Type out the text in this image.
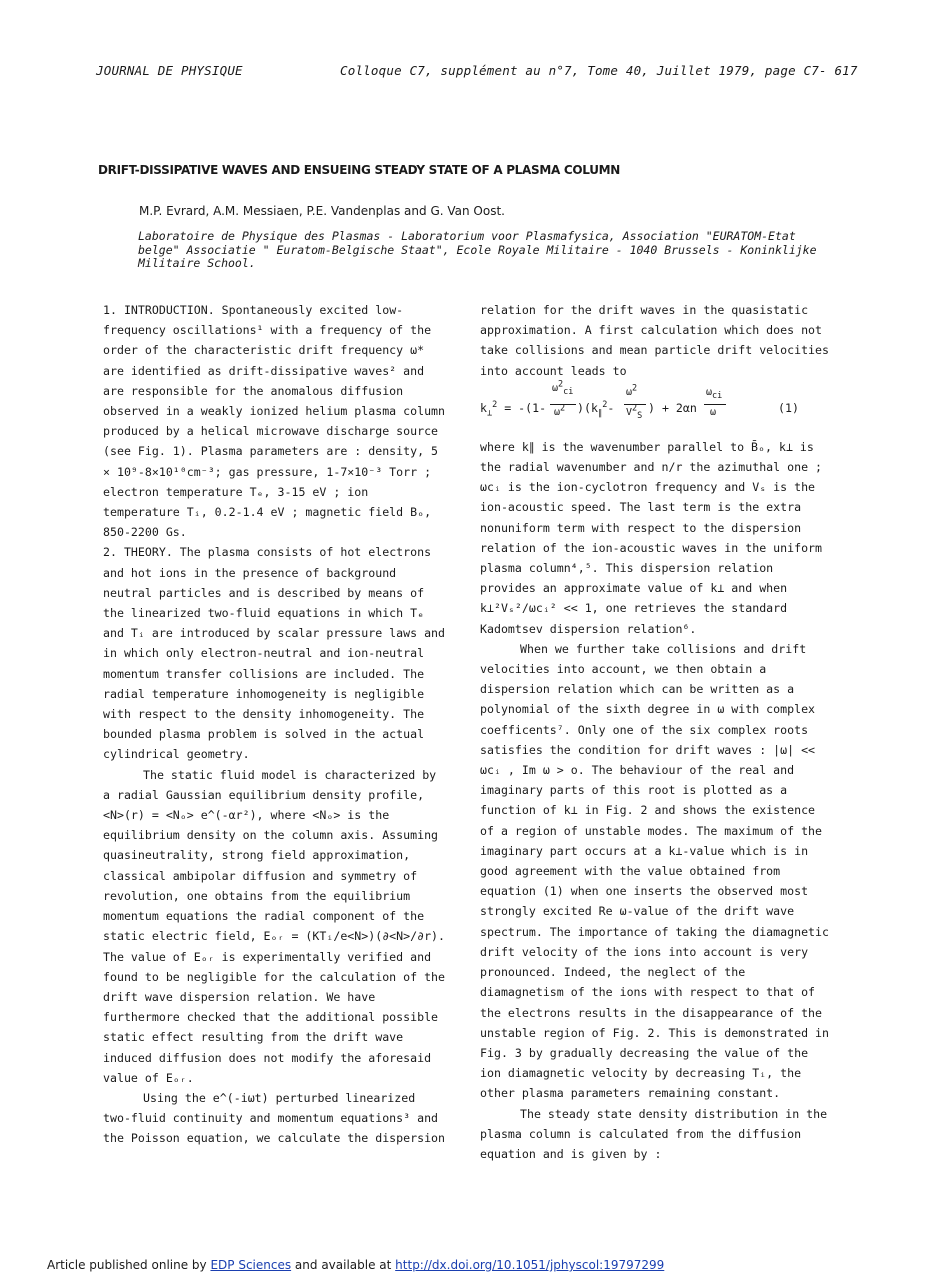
JOURNAL DE PHYSIQUE	Colloque C7, supplément au n°7, Tome 40, Juillet 1979, page C7- 617
DRIFT-DISSIPATIVE WAVES AND ENSUEING STEADY STATE OF A PLASMA COLUMN
M.P. Evrard, A.M. Messiaen, P.E. Vandenplas and G. Van Oost.
Laboratoire de Physique des Plasmas - Laboratorium voor Plasmafysica, Association "EURATOM-Etat belge" Associatie " Euratom-Belgische Staat", Ecole Royale Militaire - 1040 Brussels - Koninklijke Militaire School.

1. INTRODUCTION. Spontaneously excited low-frequency oscillations¹ with a frequency of the order of the characteristic drift frequency ω* are identified as drift-dissipative waves² and are responsible for the anomalous diffusion observed in a weakly ionized helium plasma column produced by a helical microwave discharge source (see Fig. 1). Plasma parameters are : density, 5 × 10⁹-8×10¹⁰cm⁻³; gas pressure, 1-7×10⁻³ Torr ; electron temperature Tₑ, 3-15 eV ; ion temperature Tᵢ, 0.2-1.4 eV ; magnetic field Bₒ, 850-2200 Gs.

2. THEORY. The plasma consists of hot electrons and hot ions in the presence of background neutral particles and is described by means of the linearized two-fluid equations in which Tₑ and Tᵢ are introduced by scalar pressure laws and in which only electron-neutral and ion-neutral momentum transfer collisions are included. The radial temperature inhomogeneity is negligible with respect to the density inhomogeneity. The bounded plasma problem is solved in the actual cylindrical geometry.

The static fluid model is characterized by a radial Gaussian equilibrium density profile, <N>(r) = <Nₒ> e^(-αr²), where <Nₒ> is the equilibrium density on the column axis. Assuming quasineutrality, strong field approximation, classical ambipolar diffusion and symmetry of revolution, one obtains from the equilibrium momentum equations the radial component of the static electric field, Eₒᵣ = (KTᵢ/e<N>)(∂<N>/∂r). The value of Eₒᵣ is experimentally verified and found to be negligible for the calculation of the drift wave dispersion relation. We have furthermore checked that the additional possible static effect resulting from the drift wave induced diffusion does not modify the aforesaid value of Eₒᵣ.

Using the e^(-iωt) perturbed linearized two-fluid continuity and momentum equations³ and the Poisson equation, we calculate the dispersion

relation for the drift waves in the quasistatic approximation. A first calculation which does not take collisions and mean particle drift velocities into account leads to

$k_\perp^2 = -(1-$
$\omega^2_{ci}$
$\omega^2$ )($k_\parallel^2-$
$\omega^2$
$V^2_S$
) + 2αn
$\omega_{ci}$
ω	(1)

where k∥ is the wavenumber parallel to B̄ₒ, k⊥ is the radial wavenumber and n/r the azimuthal one ; ωcᵢ is the ion-cyclotron frequency and Vₛ is the ion-acoustic speed. The last term is the extra nonuniform term with respect to the dispersion relation of the ion-acoustic waves in the uniform plasma column⁴,⁵. This dispersion relation provides an approximate value of k⊥ and when k⊥²Vₛ²/ωcᵢ² << 1, one retrieves the standard Kadomtsev dispersion relation⁶.

When we further take collisions and drift velocities into account, we then obtain a dispersion relation which can be written as a polynomial of the sixth degree in ω with complex coefficents⁷. Only one of the six complex roots satisfies the condition for drift waves : |ω| << ωcᵢ , Im ω > o. The behaviour of the real and imaginary parts of this root is plotted as a function of k⊥ in Fig. 2 and shows the existence of a region of unstable modes. The maximum of the imaginary part occurs at a k⊥-value which is in good agreement with the value obtained from equation (1) when one inserts the observed most strongly excited Re ω-value of the drift wave spectrum. The importance of taking the diamagnetic drift velocity of the ions into account is very pronounced. Indeed, the neglect of the diamagnetism of the ions with respect to that of the electrons results in the disappearance of the unstable region of Fig. 2. This is demonstrated in Fig. 3 by gradually decreasing the value of the ion diamagnetic velocity by decreasing Tᵢ, the other plasma parameters remaining constant.

The steady state density distribution in the plasma column is calculated from the diffusion equation and is given by :

Article published online by EDP Sciences and available at http://dx.doi.org/10.1051/jphyscol:19797299
